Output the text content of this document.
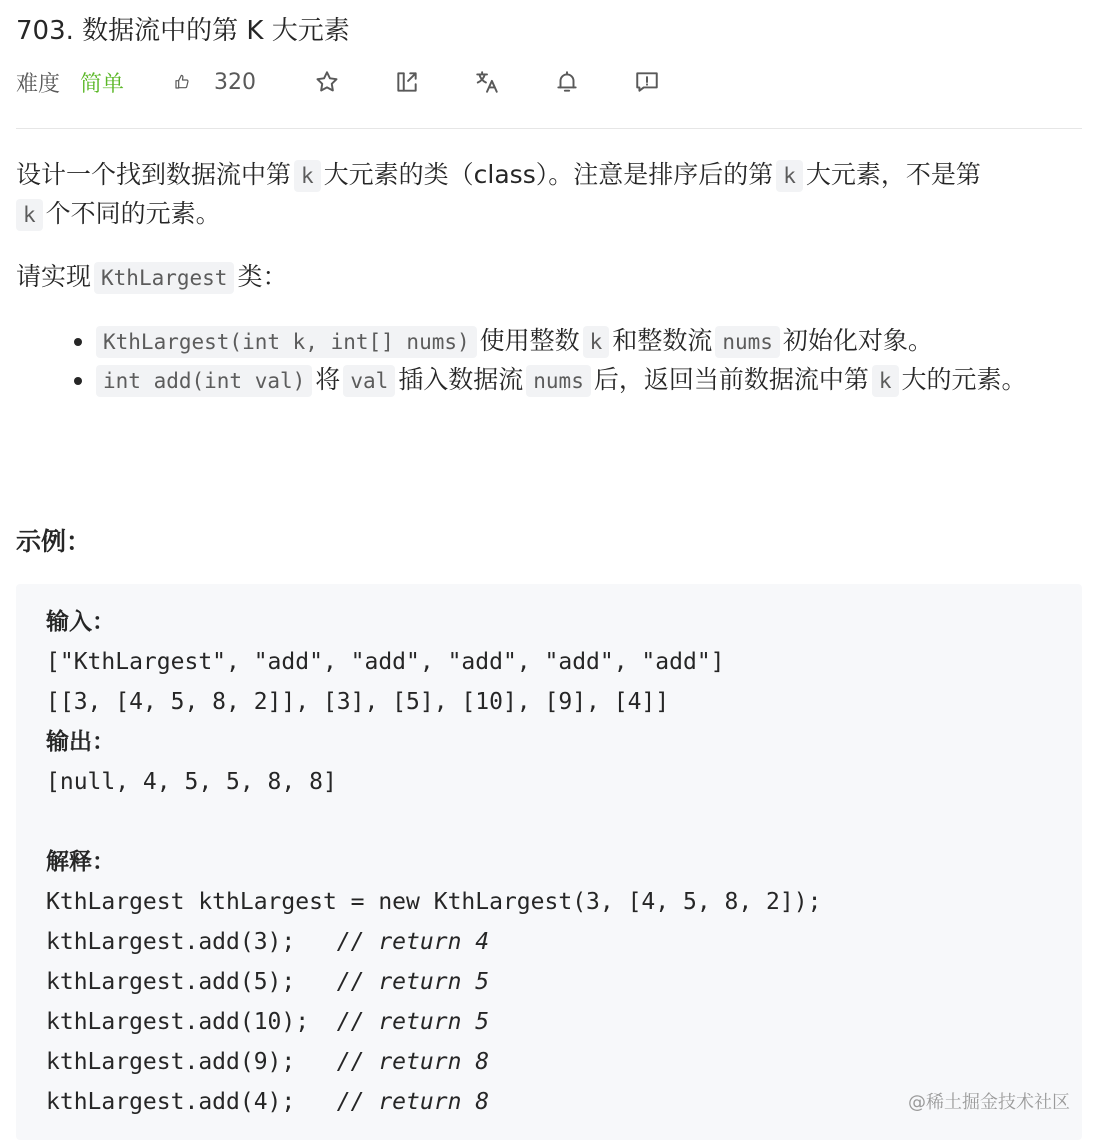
703. 数据流中的第 K 大元素
难度 简单	320
设计一个找到数据流中第 k 大元素的类（class）。注意是排序后的第 k 大元素，不是第
k 个不同的元素。
请实现 KthLargest 类：
• KthLargest(int k, int[] nums) 使用整数 k 和整数流 nums 初始化对象。
• int add(int val) 将 val 插入数据流 nums 后，返回当前数据流中第 k 大的元素。
示例：
输入：
["KthLargest", "add", "add", "add", "add", "add"]
[[3, [4, 5, 8, 2]], [3], [5], [10], [9], [4]]
输出：
[null, 4, 5, 5, 8, 8]

解释：
KthLargest kthLargest = new KthLargest(3, [4, 5, 8, 2]);
kthLargest.add(3);   // return 4
kthLargest.add(5);   // return 5
kthLargest.add(10);  // return 5
kthLargest.add(9);   // return 8
kthLargest.add(4);   // return 8	@稀土掘金技术社区
